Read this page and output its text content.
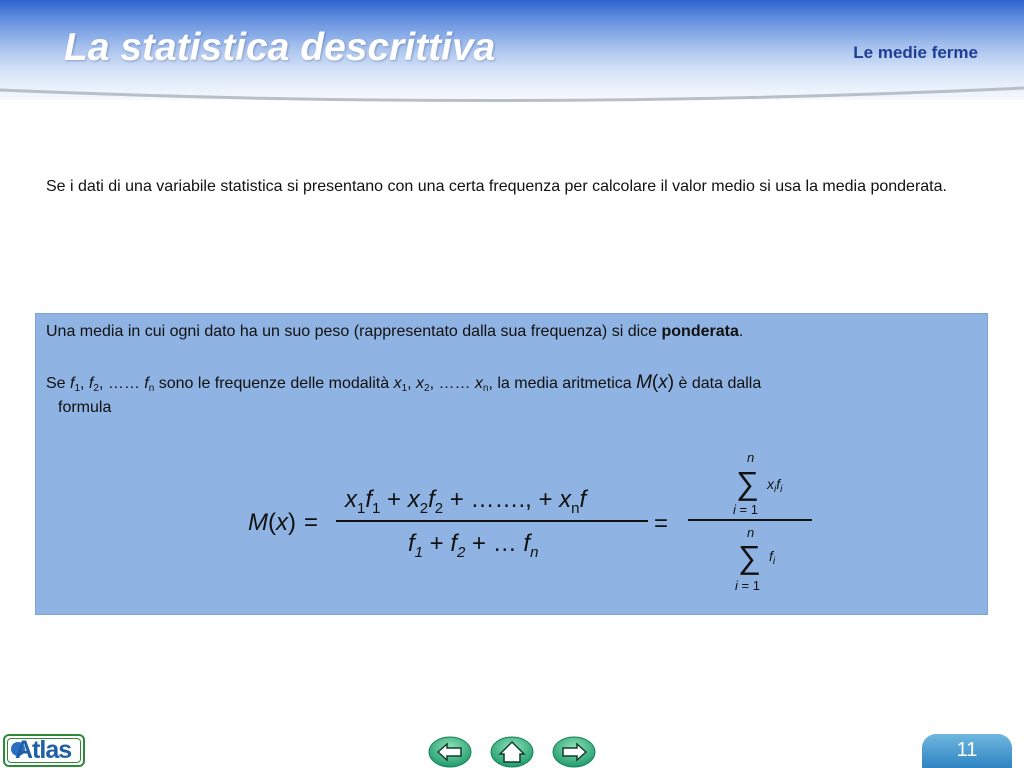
La statistica descrittiva	Le medie ferme

Se i dati di una variabile statistica si presentano con una certa frequenza per calcolare il valor medio si usa la media ponderata.

Una media in cui ogni dato ha un suo peso (rappresentato dalla sua frequenza) si dice ponderata.

Se $f_1$, $f_2$, …… $f_n$ sono le frequenze delle modalità $x_1$, $x_2$, …… $x_n$, la media aritmetica M(x) è data dalla
formula

M(x) =
$x_1f_1 + x_2f_2$ + ……., + $x_nf$
$f_1 + f_2$ + … $f_n$
=
n
∑ $x_if_i$
i = 1
n
∑ $f_i$
i = 1
Atlas	11
